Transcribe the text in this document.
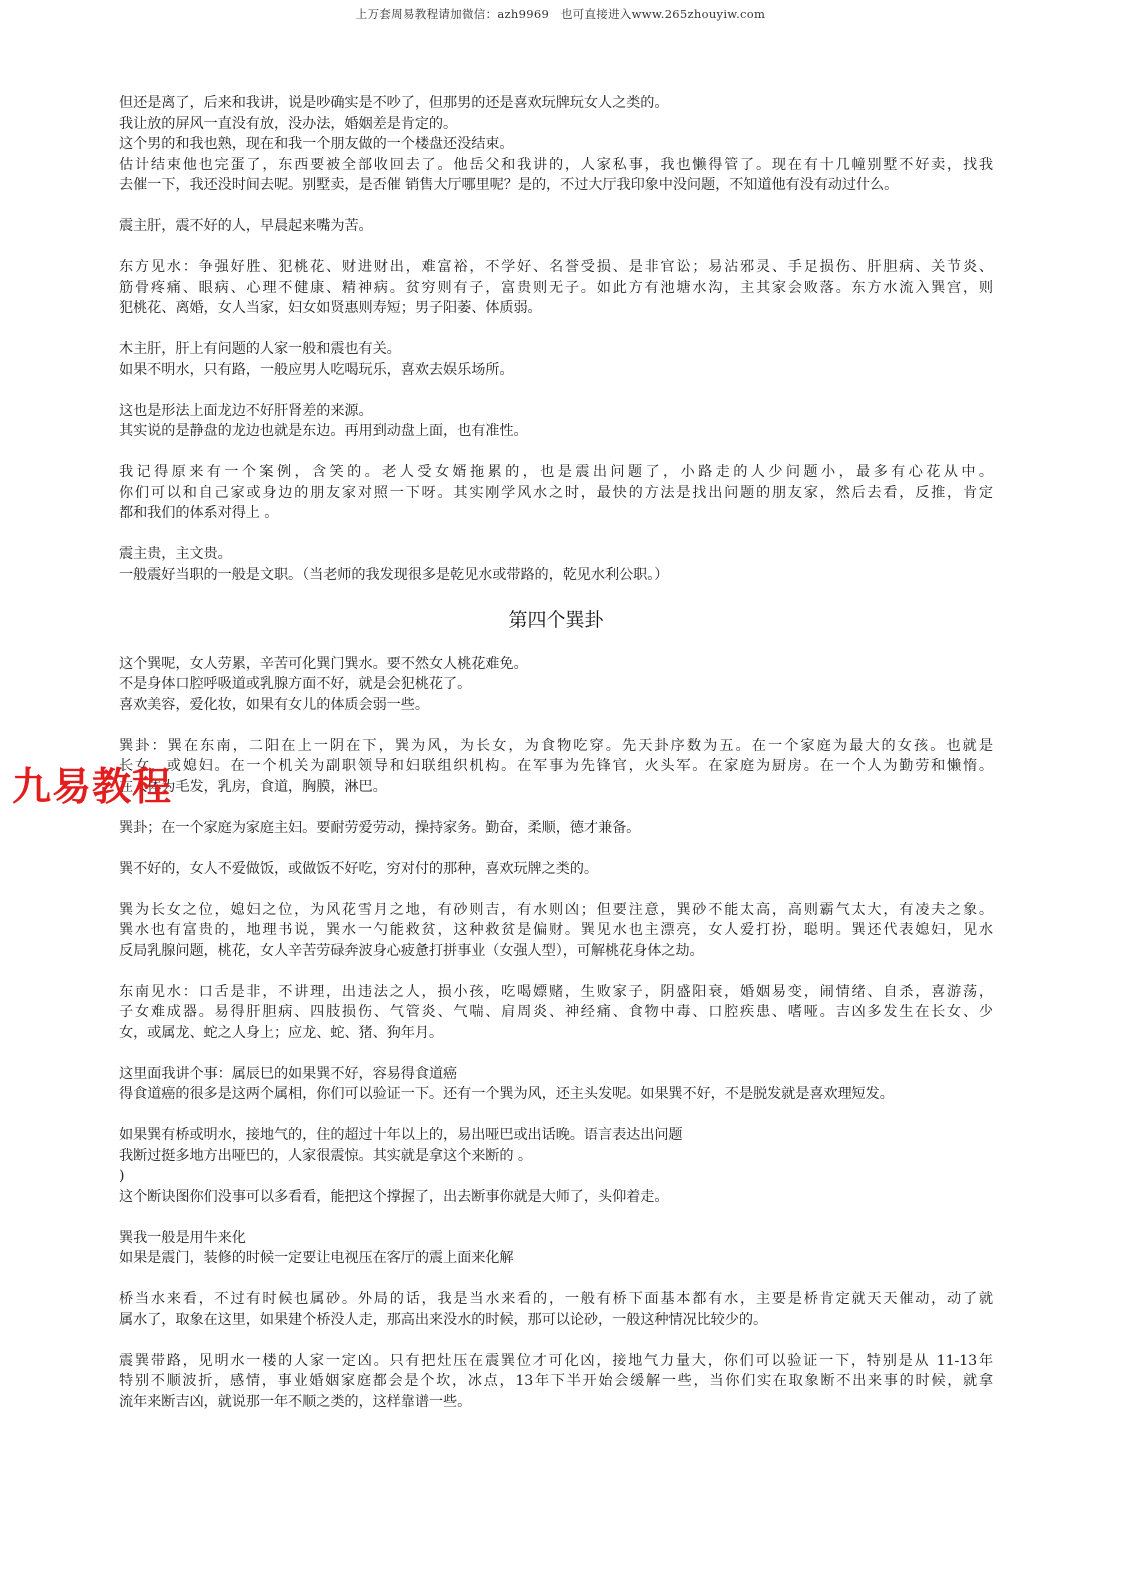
上万套周易教程请加微信：azh9969　也可直接进入www.265zhouyiw.com
但还是离了，后来和我讲，说是吵确实是不吵了，但那男的还是喜欢玩牌玩女人之类的。
我让放的屏风一直没有放，没办法，婚姻差是肯定的。
这个男的和我也熟，现在和我一个朋友做的一个楼盘还没结束。
估计结束他也完蛋了，东西要被全部收回去了。他岳父和我讲的，人家私事，我也懒得管了。现在有十几幢别墅不好卖，找我
去催一下，我还没时间去呢。别墅卖，是否催 销售大厅哪里呢？是的，不过大厅我印象中没问题，不知道他有没有动过什么。
震主肝，震不好的人，早晨起来嘴为苦。
东方见水：争强好胜、犯桃花、财进财出，难富裕，不学好、名誉受损、是非官讼；易沾邪灵、手足损伤、肝胆病、关节炎、
筋骨疼痛、眼病、心理不健康、精神病。贫穷则有子，富贵则无子。如此方有池塘水沟，主其家会败落。东方水流入巽宫，则
犯桃花、离婚，女人当家，妇女如贤惠则寿短；男子阳萎、体质弱。
木主肝，肝上有问题的人家一般和震也有关。
如果不明水，只有路，一般应男人吃喝玩乐，喜欢去娱乐场所。
这也是形法上面龙边不好肝肾差的来源。
其实说的是静盘的龙边也就是东边。再用到动盘上面，也有准性。
我记得原来有一个案例，含笑的。老人受女婿拖累的，也是震出问题了，小路走的人少问题小，最多有心花从中。
你们可以和自己家或身边的朋友家对照一下呀。其实刚学风水之时，最快的方法是找出问题的朋友家，然后去看，反推，肯定
都和我们的体系对得上 。
震主贵，主文贵。
一般震好当职的一般是文职。（当老师的我发现很多是乾见水或带路的，乾见水利公职。）
第四个巽卦
这个巽呢，女人劳累，辛苦可化巽门巽水。要不然女人桃花难免。
不是身体口腔呼吸道或乳腺方面不好，就是会犯桃花了。
喜欢美容，爱化妆，如果有女儿的体质会弱一些。
巽卦：巽在东南，二阳在上一阴在下，巽为风，为长女，为食物吃穿。先天卦序数为五。在一个家庭为最大的女孩。也就是
长女，或媳妇。在一个机关为副职领导和妇联组织机构。在军事为先锋官，火头军。在家庭为厨房。在一个人为勤劳和懒惰。
在人体为毛发，乳房，食道，胸膜，淋巴。
巽卦；在一个家庭为家庭主妇。要耐劳爱劳动，操持家务。勤奋，柔顺，德才兼备。
巽不好的，女人不爱做饭，或做饭不好吃，穷对付的那种，喜欢玩牌之类的。
巽为长女之位，媳妇之位，为风花雪月之地，有砂则吉，有水则凶；但要注意，巽砂不能太高，高则霸气太大，有凌夫之象。
巽水也有富贵的，地理书说，巽水一勺能救贫，这种救贫是偏财。巽见水也主漂亮，女人爱打扮，聪明。巽还代表媳妇，见水
反局乳腺问题，桃花，女人辛苦劳碌奔波身心疲惫打拼事业（女强人型），可解桃花身体之劫。
东南见水：口舌是非，不讲理，出违法之人，损小孩，吃喝嫖赌，生败家子，阴盛阳衰，婚姻易变，闹情绪、自杀，喜游荡，
子女难成器。易得肝胆病、四肢损伤、气管炎、气喘、肩周炎、神经痛、食物中毒、口腔疾患、嗜哑。吉凶多发生在长女、少
女，或属龙、蛇之人身上；应龙、蛇、猪、狗年月。
这里面我讲个事：属辰巳的如果巽不好，容易得食道癌
得食道癌的很多是这两个属相，你们可以验证一下。还有一个巽为风，还主头发呢。如果巽不好，不是脱发就是喜欢理短发。
如果巽有桥或明水，接地气的，住的超过十年以上的，易出哑巴或出话晚。语言表达出问题
我断过挺多地方出哑巴的，人家很震惊。其实就是拿这个来断的 。
)
这个断诀图你们没事可以多看看，能把这个撑握了，出去断事你就是大师了，头仰着走。
巽我一般是用牛来化
如果是震门，装修的时候一定要让电视压在客厅的震上面来化解
桥当水来看，不过有时候也属砂。外局的话，我是当水来看的，一般有桥下面基本都有水，主要是桥肯定就天天催动，动了就
属水了，取象在这里，如果建个桥没人走，那高出来没水的时候，那可以论砂，一般这种情况比较少的。
震巽带路，见明水一楼的人家一定凶。只有把灶压在震巽位才可化凶，接地气力量大，你们可以验证一下，特别是从 11-13年
特别不顺波折，感情，事业婚姻家庭都会是个坎，冰点，13年下半开始会缓解一些，当你们实在取象断不出来事的时候，就拿
流年来断吉凶，就说那一年不顺之类的，这样靠谱一些。
九易教程
